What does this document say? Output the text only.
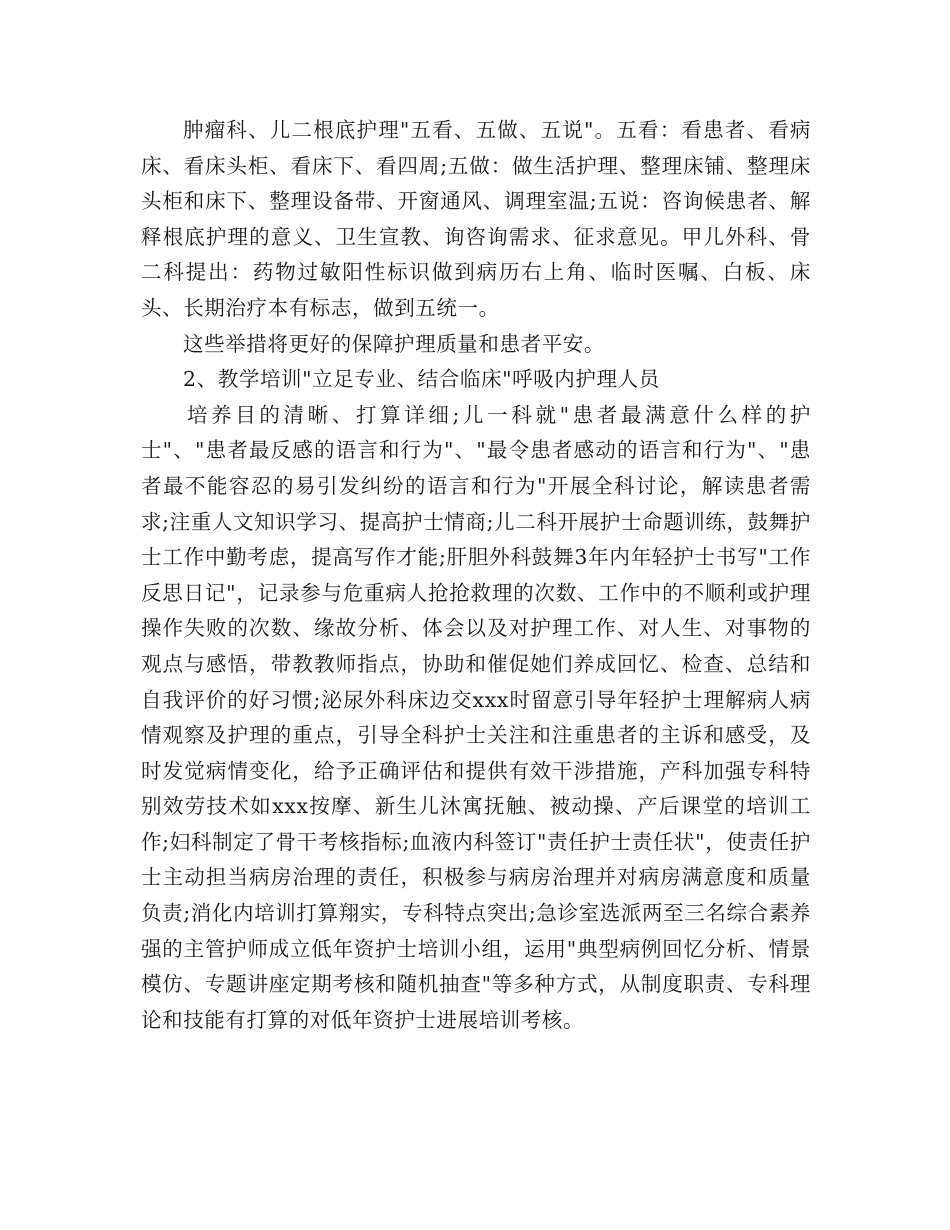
肿瘤科、儿二根底护理"五看、五做、五说"。五看：看患者、看病床、看床头柜、看床下、看四周;五做：做生活护理、整理床铺、整理床头柜和床下、整理设备带、开窗通风、调理室温;五说：咨询候患者、解释根底护理的意义、卫生宣教、询咨询需求、征求意见。甲儿外科、骨二科提出：药物过敏阳性标识做到病历右上角、临时医嘱、白板、床头、长期治疗本有标志，做到五统一。

这些举措将更好的保障护理质量和患者平安。

2、教学培训"立足专业、结合临床"呼吸内护理人员

培养目的清晰、打算详细;儿一科就"患者最满意什么样的护士"、"患者最反感的语言和行为"、"最令患者感动的语言和行为"、"患者最不能容忍的易引发纠纷的语言和行为"开展全科讨论，解读患者需求;注重人文知识学习、提高护士情商;儿二科开展护士命题训练，鼓舞护士工作中勤考虑，提高写作才能;肝胆外科鼓舞3年内年轻护士书写"工作反思日记"，记录参与危重病人抢抢救理的次数、工作中的不顺利或护理操作失败的次数、缘故分析、体会以及对护理工作、对人生、对事物的观点与感悟，带教教师指点，协助和催促她们养成回忆、检查、总结和自我评价的好习惯;泌尿外科床边交xxx时留意引导年轻护士理解病人病情观察及护理的重点，引导全科护士关注和注重患者的主诉和感受，及时发觉病情变化，给予正确评估和提供有效干涉措施，产科加强专科特别效劳技术如xxx按摩、新生儿沐寓抚触、被动操、产后课堂的培训工作;妇科制定了骨干考核指标;血液内科签订"责任护士责任状"，使责任护士主动担当病房治理的责任，积极参与病房治理并对病房满意度和质量负责;消化内培训打算翔实，专科特点突出;急诊室选派两至三名综合素养强的主管护师成立低年资护士培训小组，运用"典型病例回忆分析、情景模仿、专题讲座定期考核和随机抽查"等多种方式，从制度职责、专科理论和技能有打算的对低年资护士进展培训考核。
